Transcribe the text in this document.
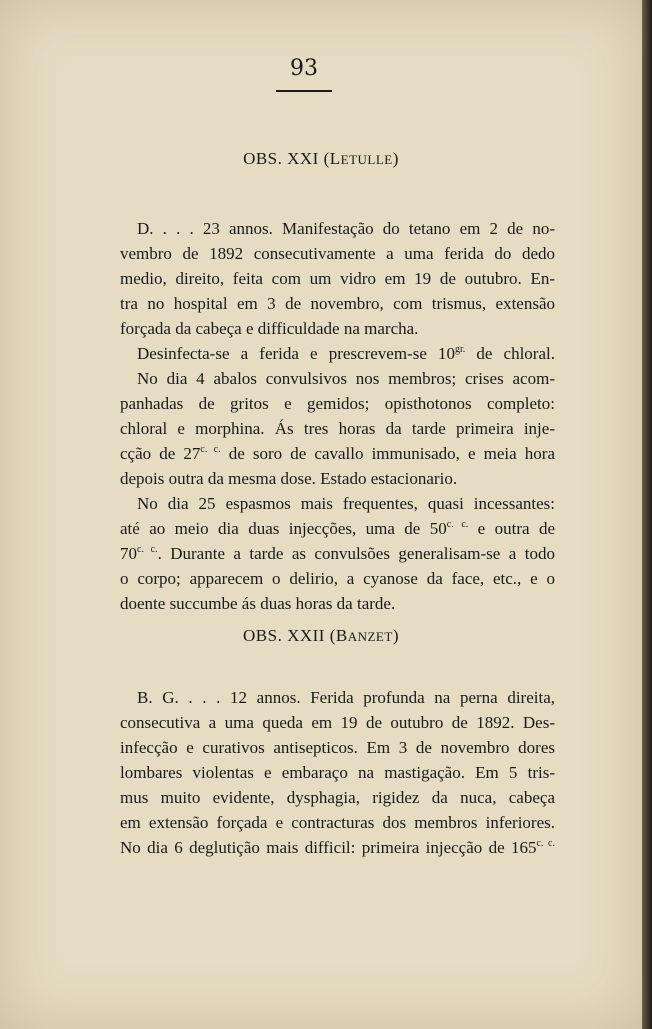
93
OBS. XXI (LETULLE)
D. . . . 23 annos. Manifestação do tetano em 2 de no-
vembro de 1892 consecutivamente a uma ferida do dedo
medio, direito, feita com um vidro em 19 de outubro. En-
tra no hospital em 3 de novembro, com trismus, extensão
forçada da cabeça e difficuldade na marcha.
Desinfecta-se a ferida e prescrevem-se $10^{gr.}$ de chloral.
No dia 4 abalos convulsivos nos membros; crises acom-
panhadas de gritos e gemidos; opisthotonos completo:
chloral e morphina. Ás tres horas da tarde primeira inje-
cção de $27^{c. c.}$ de soro de cavallo immunisado, e meia hora
depois outra da mesma dose. Estado estacionario.
No dia 25 espasmos mais frequentes, quasi incessantes:
até ao meio dia duas injecções, uma de $50^{c. c.}$ e outra de
$70^{c. c.}$. Durante a tarde as convulsões generalisam-se a todo
o corpo; apparecem o delirio, a cyanose da face, etc., e o
doente succumbe ás duas horas da tarde.
OBS. XXII (BANZET)
B. G. . . . 12 annos. Ferida profunda na perna direita,
consecutiva a uma queda em 19 de outubro de 1892. Des-
infecção e curativos antisepticos. Em 3 de novembro dores
lombares violentas e embaraço na mastigação. Em 5 tris-
mus muito evidente, dysphagia, rigidez da nuca, cabeça
em extensão forçada e contracturas dos membros inferiores.
No dia 6 deglutição mais difficil: primeira injecção de $165^{c. c.}$
